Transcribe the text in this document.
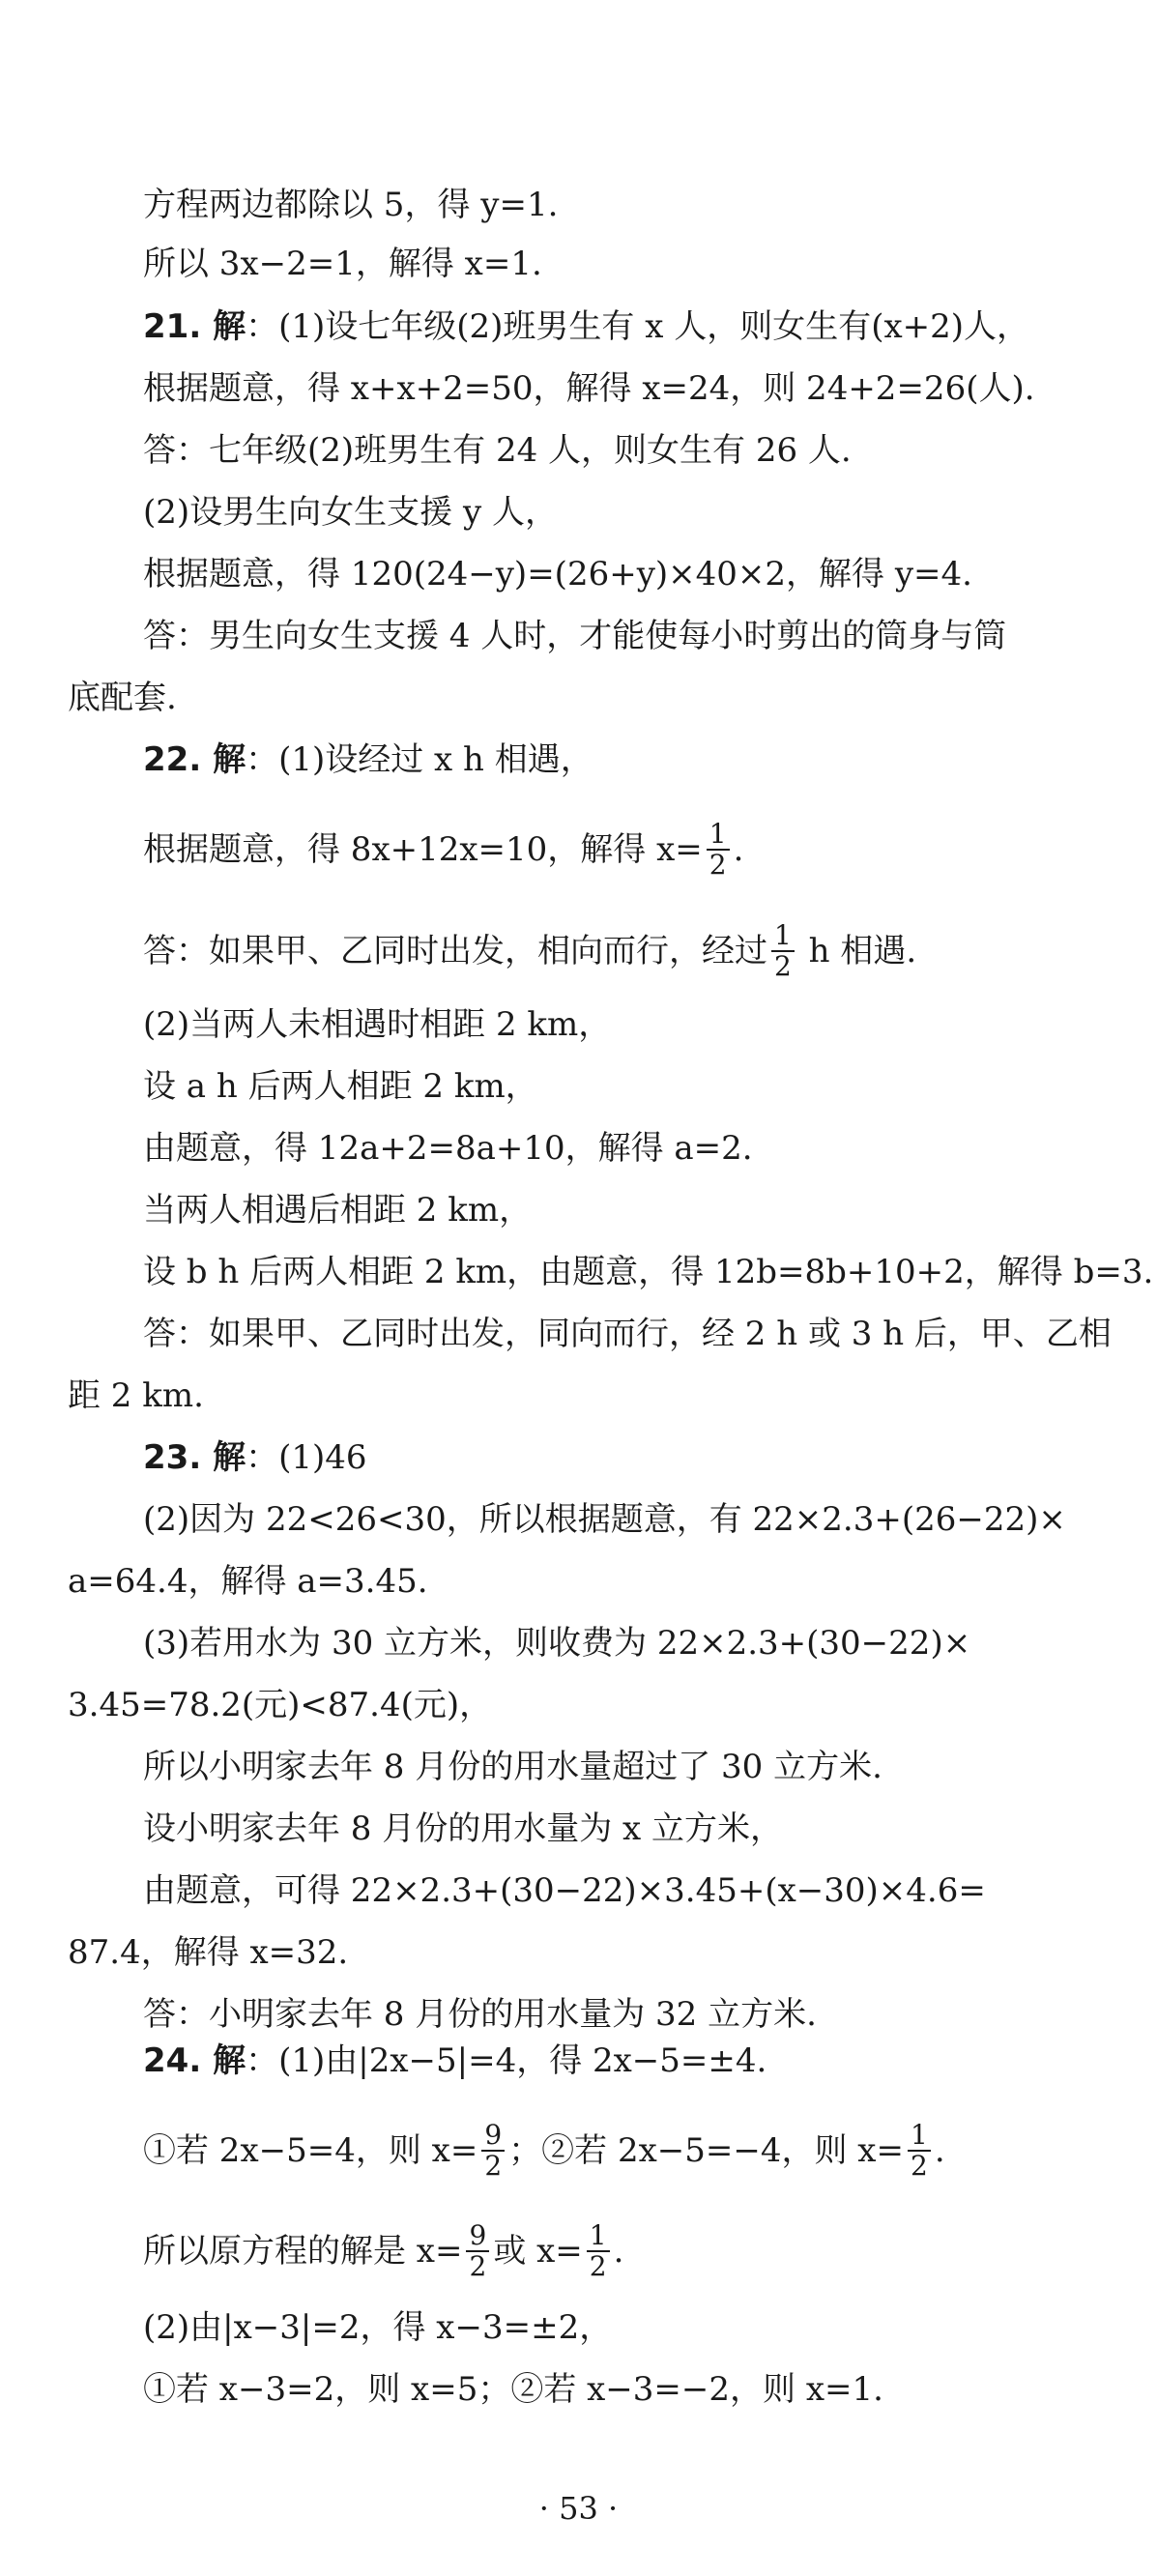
方程两边都除以 5，得 y=1.
所以 3x−2=1，解得 x=1.
21. 解：(1)设七年级(2)班男生有 x 人，则女生有(x+2)人，
根据题意，得 x+x+2=50，解得 x=24，则 24+2=26(人).
答：七年级(2)班男生有 24 人，则女生有 26 人.
(2)设男生向女生支援 y 人，
根据题意，得 120(24−y)=(26+y)×40×2，解得 y=4.
答：男生向女生支援 4 人时，才能使每小时剪出的筒身与筒
底配套.
22. 解：(1)设经过 x h 相遇，
根据题意，得 8x+12x=10，解得 $x= \frac{1}{2}$ .
答：如果甲、乙同时出发，相向而行，经过 $\frac{1}{2}$ h 相遇.
(2)当两人未相遇时相距 2 km，
设 a h 后两人相距 2 km，
由题意，得 12a+2=8a+10，解得 a=2.
当两人相遇后相距 2 km，
设 b h 后两人相距 2 km，由题意，得 12b=8b+10+2，解得 b=3.
答：如果甲、乙同时出发，同向而行，经 2 h 或 3 h 后，甲、乙相
距 2 km.
23. 解：(1)46
(2)因为 22<26<30，所以根据题意，有 22×2.3+(26−22)×
a=64.4，解得 a=3.45.
(3)若用水为 30 立方米，则收费为 22×2.3+(30−22)×
3.45=78.2(元)<87.4(元)，
所以小明家去年 8 月份的用水量超过了 30 立方米.
设小明家去年 8 月份的用水量为 x 立方米，
由题意，可得 22×2.3+(30−22)×3.45+(x−30)×4.6=
87.4，解得 x=32.
答：小明家去年 8 月份的用水量为 32 立方米.
24. 解：(1)由|2x−5|=4，得 2x−5=±4.
①若 2x−5=4，则 $x= \frac{9}{2}$ ；②若 2x−5=−4，则 $x= \frac{1}{2}$ .
所以原方程的解是 $x= \frac{9}{2}$ 或 $x= \frac{1}{2}$ .
(2)由|x−3|=2，得 x−3=±2，
①若 x−3=2，则 x=5；②若 x−3=−2，则 x=1.
· 53 ·
